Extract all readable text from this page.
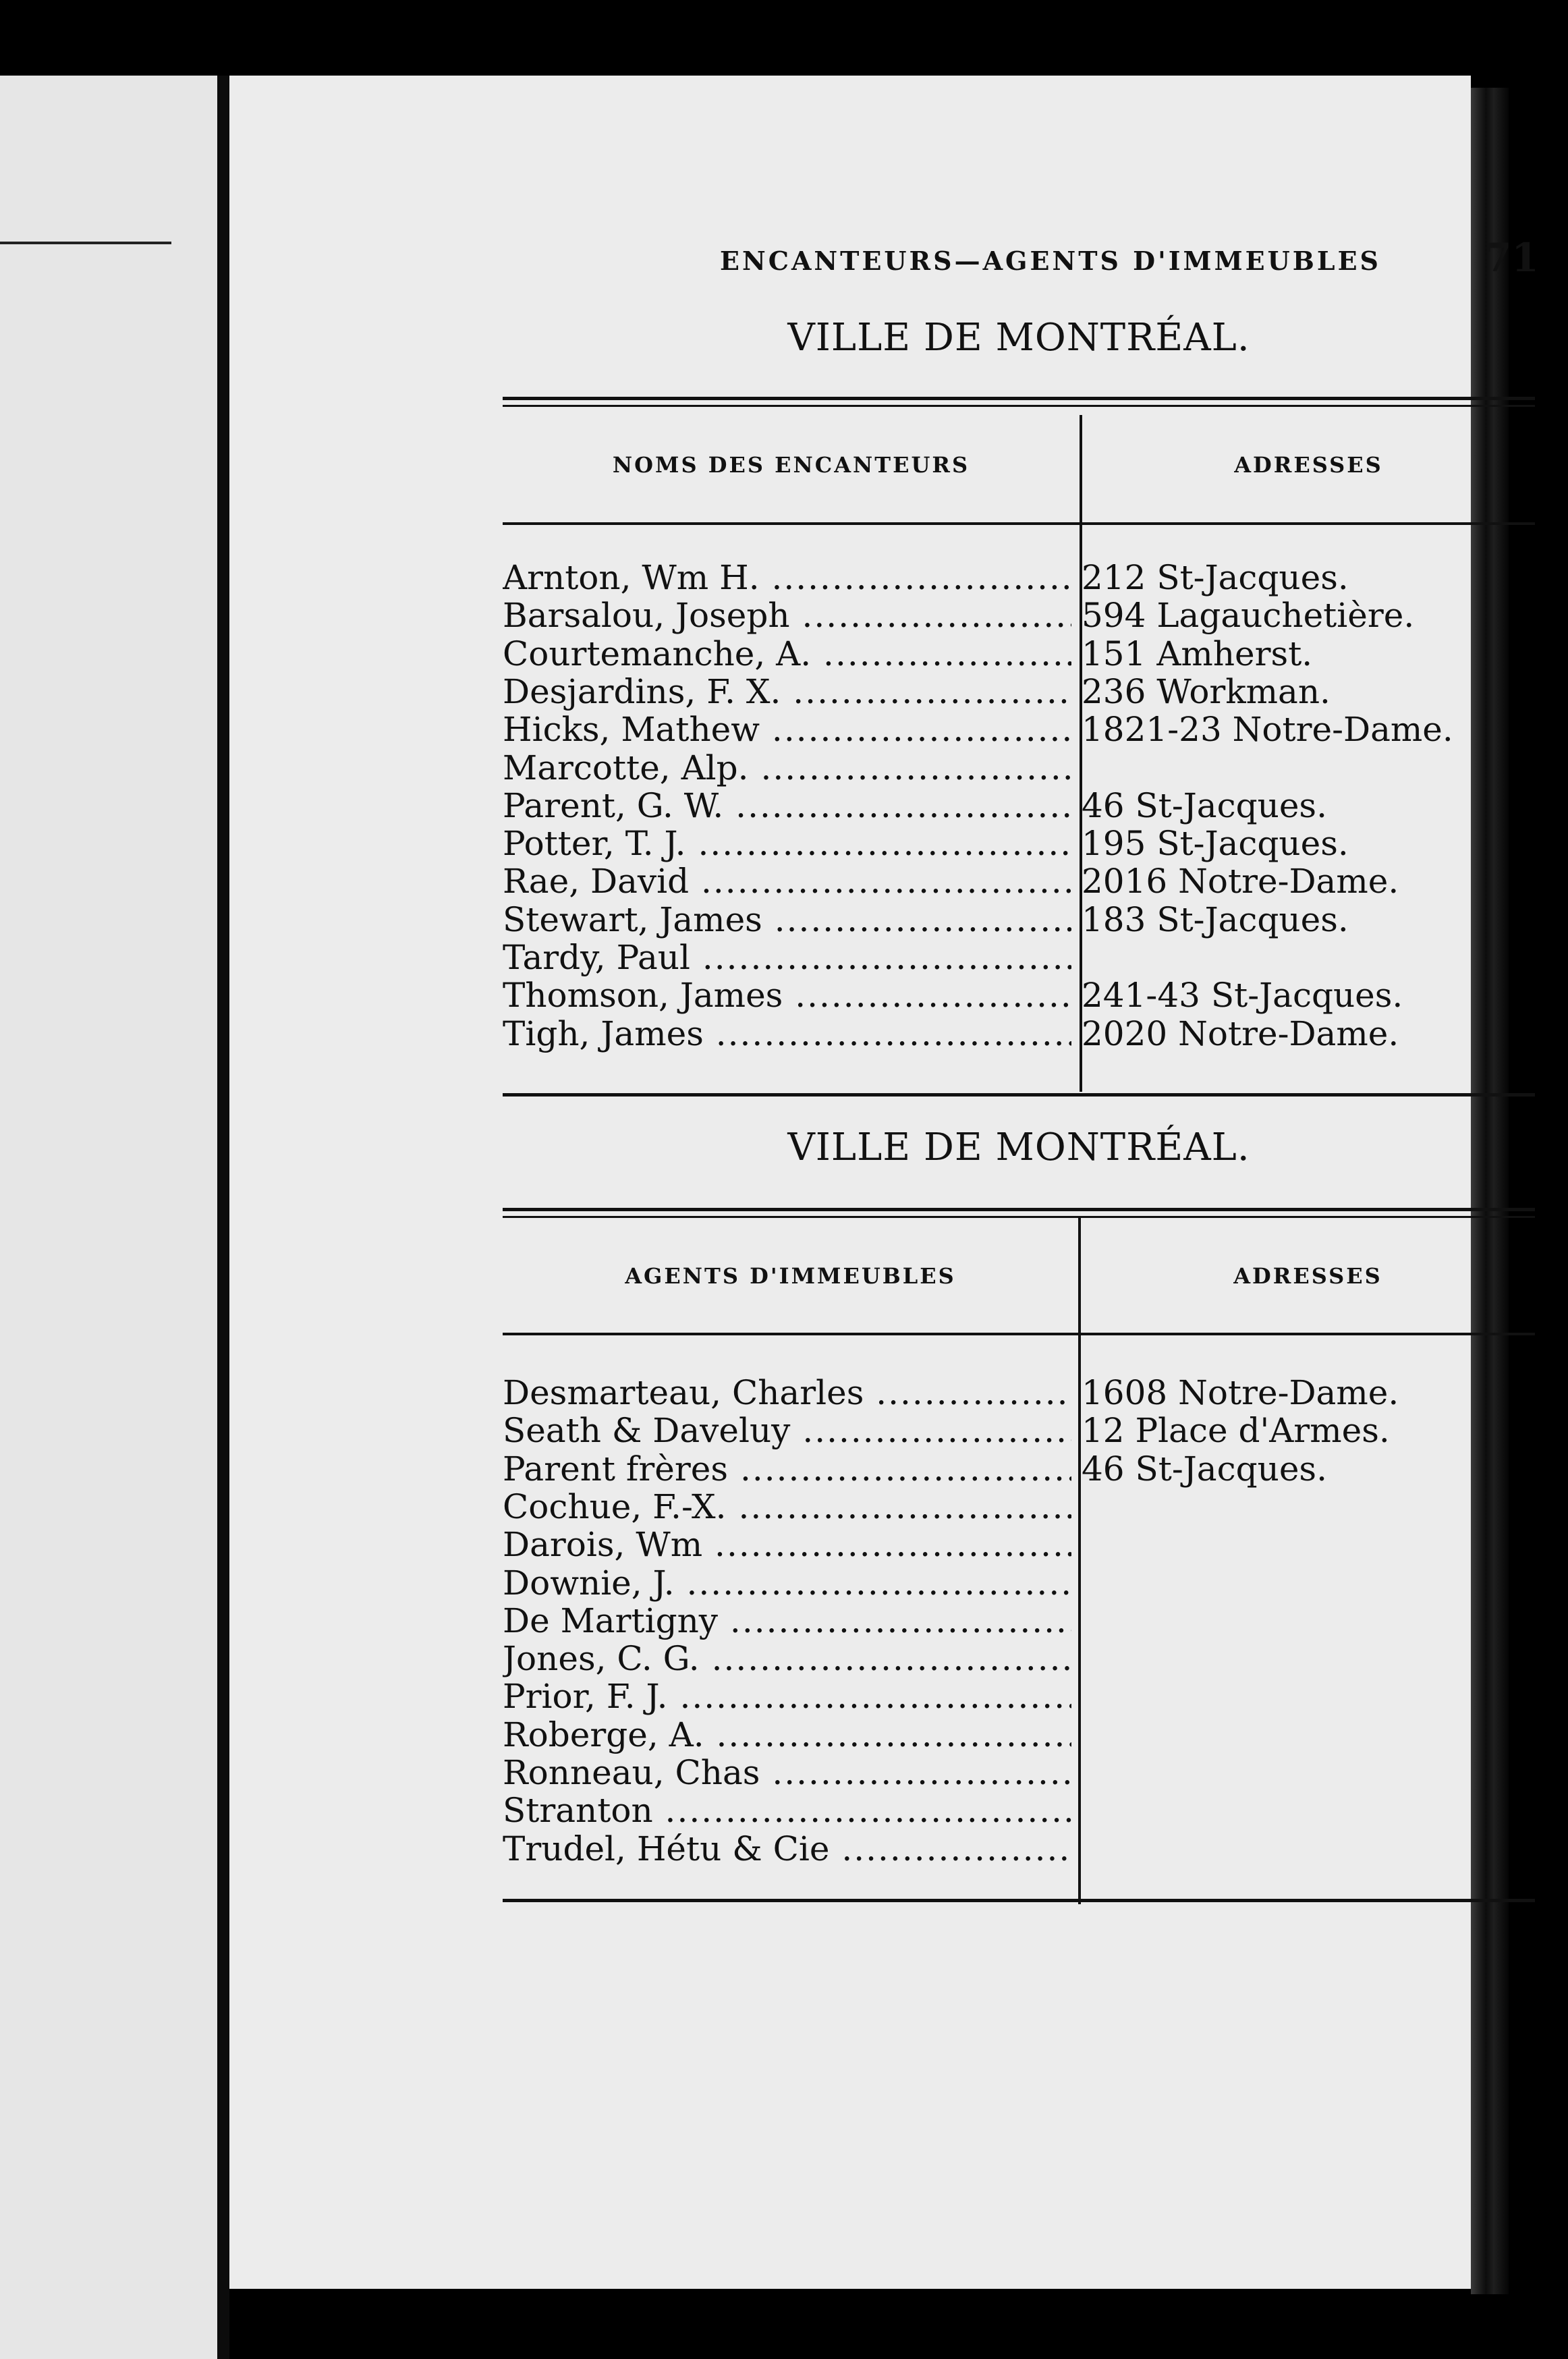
ENCANTEURS—AGENTS D'IMMEUBLES	71
VILLE DE MONTRÉAL.
NOMS DES ENCANTEURS	ADRESSES
Arnton, Wm H. .....	212 St-Jacques.
Barsalou, Joseph .....	594 Lagauchetière.
Courtemanche, A. .....	151 Amherst.
Desjardins, F. X. .....	236 Workman.
Hicks, Mathew .....	1821-23 Notre-Dame.
Marcotte, Alp. .....
Parent, G. W. .....	46 St-Jacques.
Potter, T. J. .....	195 St-Jacques.
Rae, David .....	2016 Notre-Dame.
Stewart, James .....	183 St-Jacques.
Tardy, Paul .....
Thomson, James .....	241-43 St-Jacques.
Tigh, James .....	2020 Notre-Dame.
VILLE DE MONTRÉAL.
AGENTS D'IMMEUBLES	ADRESSES
Desmarteau, Charles .....	1608 Notre-Dame.
Seath & Daveluy .....	12 Place d'Armes.
Parent frères .....	46 St-Jacques.
Cochue, F.-X. .....
Darois, Wm .....
Downie, J. .....
De Martigny .....
Jones, C. G. .....
Prior, F. J. .....
Roberge, A. .....
Ronneau, Chas .....
Stranton .....
Trudel, Hétu & Cie .....
